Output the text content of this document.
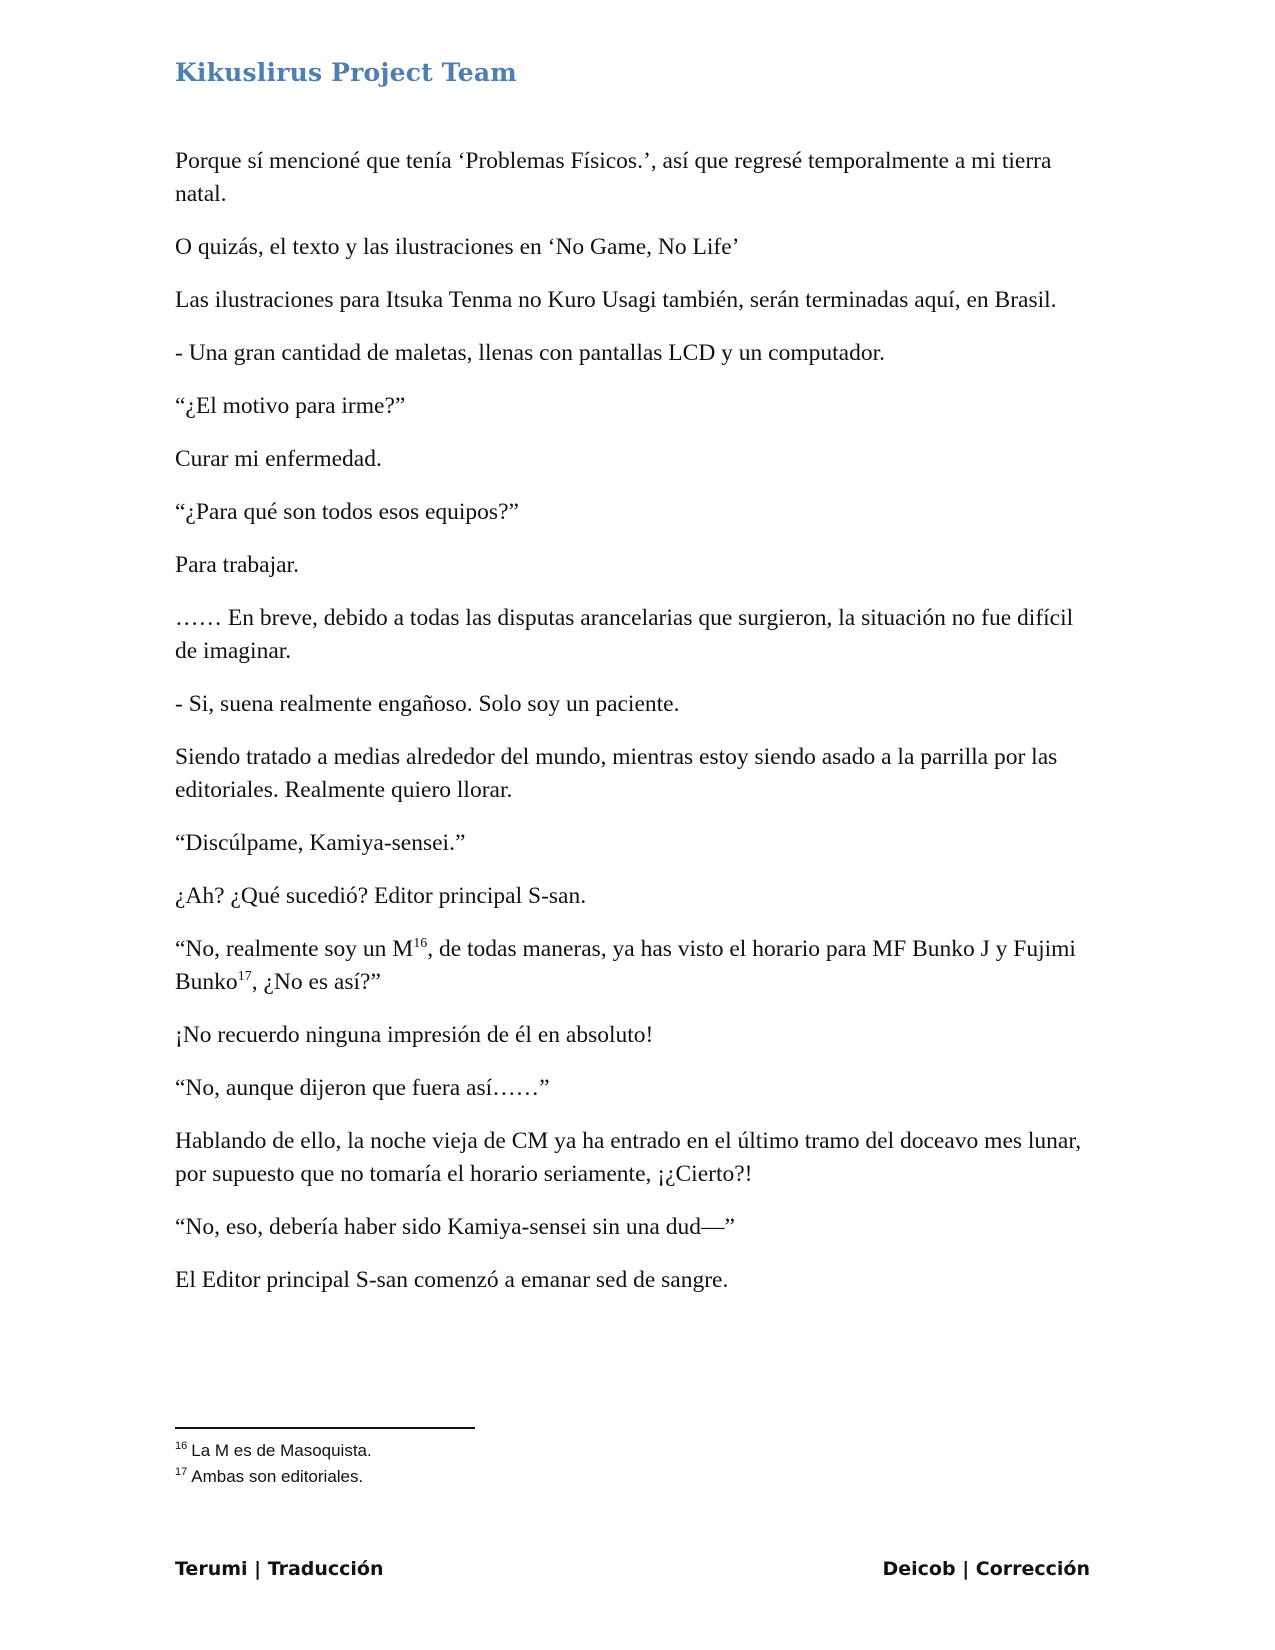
Kikuslirus Project Team

Porque sí mencioné que tenía ‘Problemas Físicos.’, así que regresé temporalmente a mi tierra natal.

O quizás, el texto y las ilustraciones en ‘No Game, No Life’

Las ilustraciones para Itsuka Tenma no Kuro Usagi también, serán terminadas aquí, en Brasil.

- Una gran cantidad de maletas, llenas con pantallas LCD y un computador.

“¿El motivo para irme?”

Curar mi enfermedad.

“¿Para qué son todos esos equipos?”

Para trabajar.

…… En breve, debido a todas las disputas arancelarias que surgieron, la situación no fue difícil de imaginar.

- Si, suena realmente engañoso. Solo soy un paciente.

Siendo tratado a medias alrededor del mundo, mientras estoy siendo asado a la parrilla por las editoriales. Realmente quiero llorar.

“Discúlpame, Kamiya-sensei.”

¿Ah? ¿Qué sucedió? Editor principal S-san.

“No, realmente soy un M$^{16}$, de todas maneras, ya has visto el horario para MF Bunko J y Fujimi Bunko$^{17}$, ¿No es así?”

¡No recuerdo ninguna impresión de él en absoluto!

“No, aunque dijeron que fuera así……”

Hablando de ello, la noche vieja de CM ya ha entrado en el último tramo del doceavo mes lunar, por supuesto que no tomaría el horario seriamente, ¡¿Cierto?!

“No, eso, debería haber sido Kamiya-sensei sin una dud—”

El Editor principal S-san comenzó a emanar sed de sangre.

$^{16}$ La M es de Masoquista.
$^{17}$ Ambas son editoriales.
Terumi | Traducción	Deicob | Corrección
